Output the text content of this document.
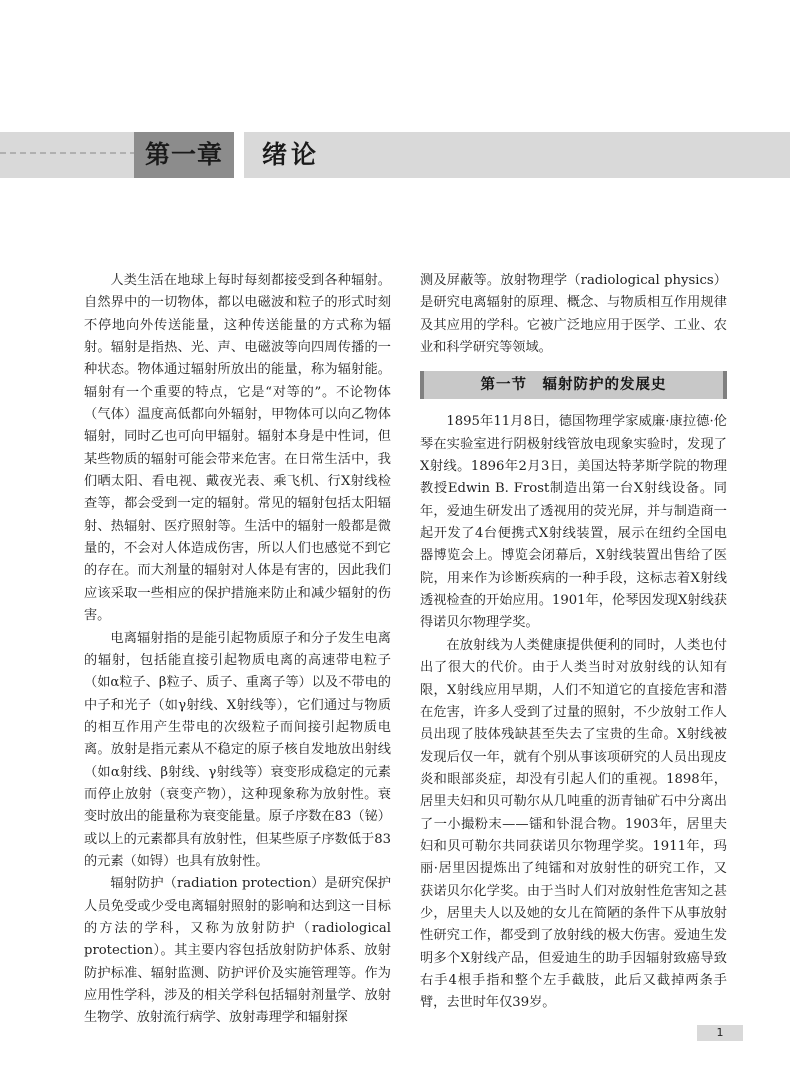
第一章	绪论

人类生活在地球上每时每刻都接受到各种辐射。自然界中的一切物体，都以电磁波和粒子的形式时刻不停地向外传送能量，这种传送能量的方式称为辐射。辐射是指热、光、声、电磁波等向四周传播的一种状态。物体通过辐射所放出的能量，称为辐射能。辐射有一个重要的特点，它是“对等的”。不论物体（气体）温度高低都向外辐射，甲物体可以向乙物体辐射，同时乙也可向甲辐射。辐射本身是中性词，但某些物质的辐射可能会带来危害。在日常生活中，我们晒太阳、看电视、戴夜光表、乘飞机、行X射线检查等，都会受到一定的辐射。常见的辐射包括太阳辐射、热辐射、医疗照射等。生活中的辐射一般都是微量的，不会对人体造成伤害，所以人们也感觉不到它的存在。而大剂量的辐射对人体是有害的，因此我们应该采取一些相应的保护措施来防止和减少辐射的伤害。

电离辐射指的是能引起物质原子和分子发生电离的辐射，包括能直接引起物质电离的高速带电粒子（如α粒子、β粒子、质子、重离子等）以及不带电的中子和光子（如γ射线、X射线等），它们通过与物质的相互作用产生带电的次级粒子而间接引起物质电离。放射是指元素从不稳定的原子核自发地放出射线（如α射线、β射线、γ射线等）衰变形成稳定的元素而停止放射（衰变产物），这种现象称为放射性。衰变时放出的能量称为衰变能量。原子序数在83（铋）或以上的元素都具有放射性，但某些原子序数低于83的元素（如锝）也具有放射性。

辐射防护（radiation protection）是研究保护人员免受或少受电离辐射照射的影响和达到这一目标的方法的学科，又称为放射防护（radiological protection）。其主要内容包括放射防护体系、放射防护标准、辐射监测、防护评价及实施管理等。作为应用性学科，涉及的相关学科包括辐射剂量学、放射生物学、放射流行病学、放射毒理学和辐射探

测及屏蔽等。放射物理学（radiological physics）是研究电离辐射的原理、概念、与物质相互作用规律及其应用的学科。它被广泛地应用于医学、工业、农业和科学研究等领域。

第一节　辐射防护的发展史

1895年11月8日，德国物理学家威廉·康拉德·伦琴在实验室进行阴极射线管放电现象实验时，发现了X射线。1896年2月3日，美国达特茅斯学院的物理教授Edwin B. Frost制造出第一台X射线设备。同年，爱迪生研发出了透视用的荧光屏，并与制造商一起开发了4台便携式X射线装置，展示在纽约全国电器博览会上。博览会闭幕后，X射线装置出售给了医院，用来作为诊断疾病的一种手段，这标志着X射线透视检查的开始应用。1901年，伦琴因发现X射线获得诺贝尔物理学奖。

在放射线为人类健康提供便利的同时，人类也付出了很大的代价。由于人类当时对放射线的认知有限，X射线应用早期，人们不知道它的直接危害和潜在危害，许多人受到了过量的照射，不少放射工作人员出现了肢体残缺甚至失去了宝贵的生命。X射线被发现后仅一年，就有个别从事该项研究的人员出现皮炎和眼部炎症，却没有引起人们的重视。1898年，居里夫妇和贝可勒尔从几吨重的沥青铀矿石中分离出了一小撮粉末——镭和钋混合物。1903年，居里夫妇和贝可勒尔共同获诺贝尔物理学奖。1911年，玛丽·居里因提炼出了纯镭和对放射性的研究工作，又获诺贝尔化学奖。由于当时人们对放射性危害知之甚少，居里夫人以及她的女儿在简陋的条件下从事放射性研究工作，都受到了放射线的极大伤害。爱迪生发明多个X射线产品，但爱迪生的助手因辐射致癌导致右手4根手指和整个左手截肢，此后又截掉两条手臂，去世时年仅39岁。

1
